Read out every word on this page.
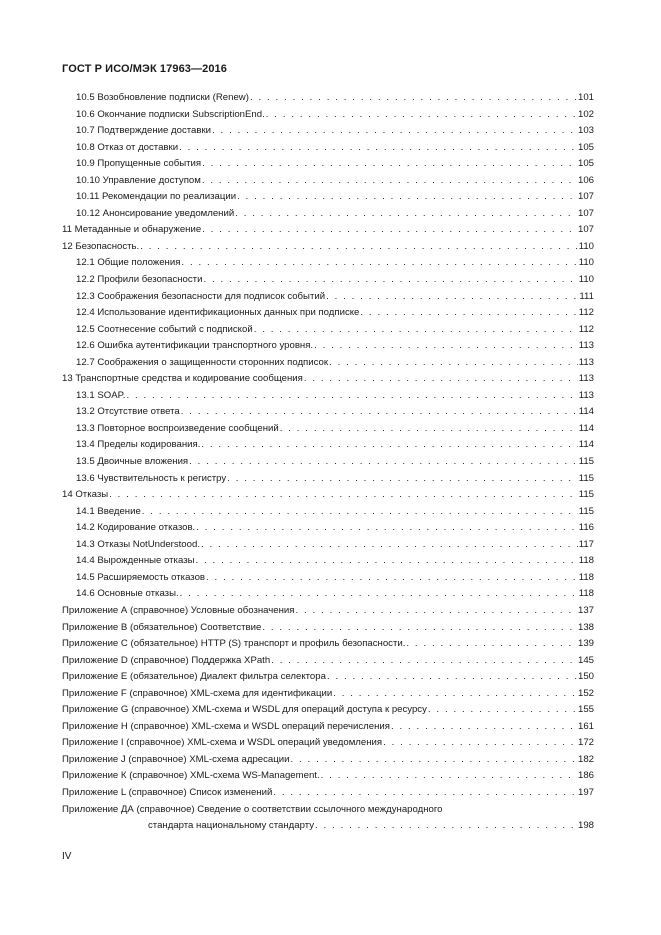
ГОСТ Р ИСО/МЭК 17963—2016
10.5 Возобновление подписки (Renew) . . .	101
10.6 Окончание подписки SubscriptionEnd. . . .	102
10.7 Подтверждение доставки . . .	103
10.8 Отказ от доставки . . .	105
10.9 Пропущенные события . . .	105
10.10 Управление доступом . . .	106
10.11 Рекомендации по реализации . . .	107
10.12 Анонсирование уведомлений . . .	107
11 Метаданные и обнаружение . . .	107
12 Безопасность. . . .	110
12.1 Общие положения . . .	110
12.2 Профили безопасности . . .	110
12.3 Соображения безопасности для подписок событий . . .	111
12.4 Использование идентификационных данных при подписке . . .	112
12.5 Соотнесение событий с подпиской . . .	112
12.6 Ошибка аутентификации транспортного уровня. . . .	113
12.7 Соображения о защищенности сторонних подписок . . .	113
13 Транспортные средства и кодирование сообщения . . .	113
13.1 SOAP. . . .	113
13.2 Отсутствие ответа . . .	114
13.3 Повторное воспроизведение сообщений . . .	114
13.4 Пределы кодирования. . . .	114
13.5 Двоичные вложения . . .	115
13.6 Чувствительность к регистру . . .	115
14 Отказы . . .	115
14.1 Введение . . .	115
14.2 Кодирование отказов. . . .	116
14.3 Отказы NotUnderstood. . . .	117
14.4 Вырожденные отказы . . .	118
14.5 Расширяемость отказов . . .	118
14.6 Основные отказы. . . .	118
Приложение А (справочное) Условные обозначения . . .	137
Приложение В (обязательное) Соответствие . . .	138
Приложение С (обязательное) HTTP (S) транспорт и профиль безопасности. . . .	139
Приложение D (справочное) Поддержка XPath . . .	145
Приложение Е (обязательное) Диалект фильтра селектора . . .	150
Приложение F (справочное) XML-схема для идентификации . . .	152
Приложение G (справочное) XML-схема и WSDL для операций доступа к ресурсу . . .	155
Приложение Н (справочное) XML-схема и WSDL операций перечисления . . .	161
Приложение I (справочное) XML-схема и WSDL операций уведомления . . .	172
Приложение J (справочное) XML-схема адресации . . .	182
Приложение К (справочное) XML-схема WS-Management. . . .	186
Приложение L (справочное) Список изменений . . .	197
Приложение ДА (справочное) Сведение о соответствии ссылочного международного
стандарта национальному стандарту . . .	198
IV
